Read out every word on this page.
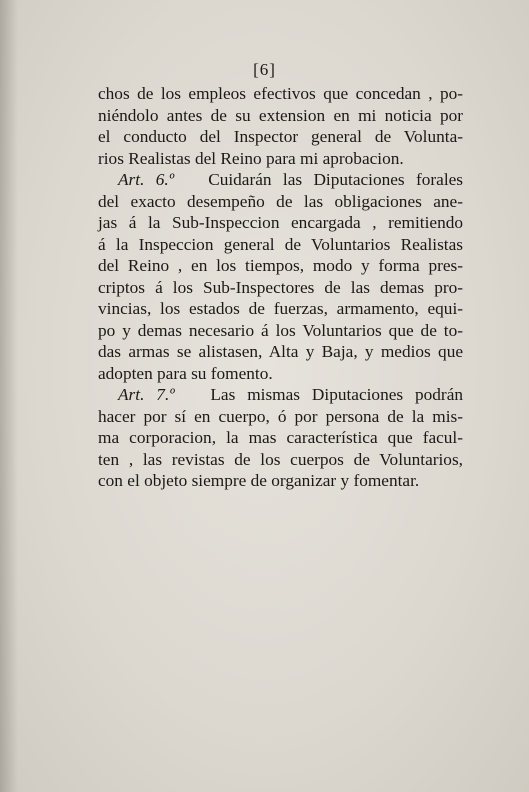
[6]
chos de los empleos efectivos que concedan , po-
niéndolo antes de su extension en mi noticia por
el conducto del Inspector general de Volunta-
rios Realistas del Reino para mi aprobacion.
Art. 6.º Cuidarán las Diputaciones forales
del exacto desempeño de las obligaciones ane-
jas á la Sub-Inspeccion encargada , remitiendo
á la Inspeccion general de Voluntarios Realistas
del Reino , en los tiempos, modo y forma pres-
criptos á los Sub-Inspectores de las demas pro-
vincias, los estados de fuerzas, armamento, equi-
po y demas necesario á los Voluntarios que de to-
das armas se alistasen, Alta y Baja, y medios que
adopten para su fomento.
Art. 7.º Las mismas Diputaciones podrán
hacer por sí en cuerpo, ó por persona de la mis-
ma corporacion, la mas característica que facul-
ten , las revistas de los cuerpos de Voluntarios,
con el objeto siempre de organizar y fomentar.
